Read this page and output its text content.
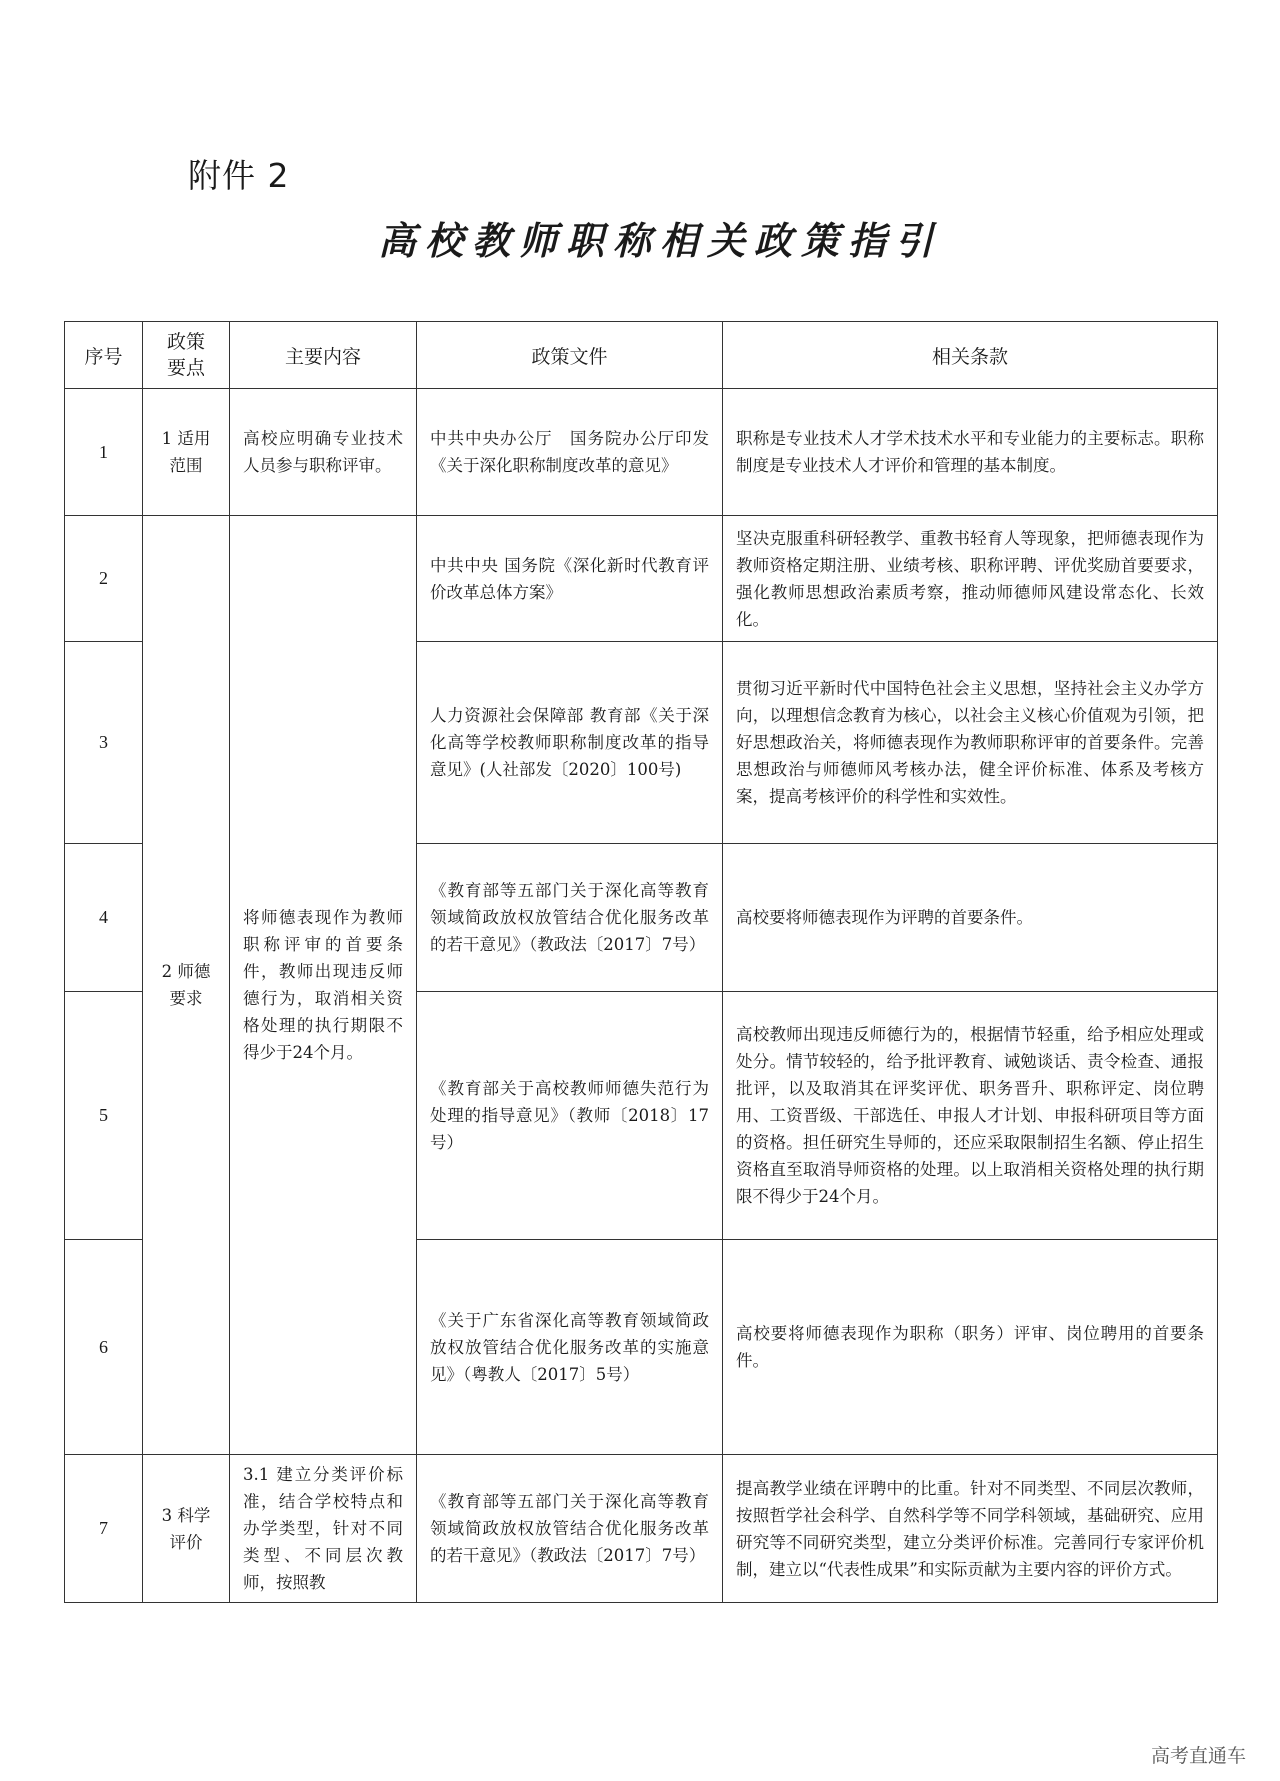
附件 2
高校教师职称相关政策指引
序号	政策要点	主要内容	政策文件	相关条款
1	1 适用范围	高校应明确专业技术人员参与职称评审。	中共中央办公厅　国务院办公厅印发《关于深化职称制度改革的意见》	职称是专业技术人才学术技术水平和专业能力的主要标志。职称制度是专业技术人才评价和管理的基本制度。
2	2 师德要求	将师德表现作为教师职称评审的首要条件，教师出现违反师德行为，取消相关资格处理的执行期限不得少于24个月。	中共中央 国务院《深化新时代教育评价改革总体方案》	坚决克服重科研轻教学、重教书轻育人等现象，把师德表现作为教师资格定期注册、业绩考核、职称评聘、评优奖励首要要求，强化教师思想政治素质考察，推动师德师风建设常态化、长效化。
3			人力资源社会保障部 教育部《关于深化高等学校教师职称制度改革的指导意见》(人社部发〔2020〕100号)	贯彻习近平新时代中国特色社会主义思想，坚持社会主义办学方向，以理想信念教育为核心，以社会主义核心价值观为引领，把好思想政治关，将师德表现作为教师职称评审的首要条件。完善思想政治与师德师风考核办法，健全评价标准、体系及考核方案，提高考核评价的科学性和实效性。
4			《教育部等五部门关于深化高等教育领域简政放权放管结合优化服务改革的若干意见》（教政法〔2017〕7号）	高校要将师德表现作为评聘的首要条件。
5			《教育部关于高校教师师德失范行为处理的指导意见》（教师〔2018〕17号）	高校教师出现违反师德行为的，根据情节轻重，给予相应处理或处分。情节较轻的，给予批评教育、诫勉谈话、责令检查、通报批评，以及取消其在评奖评优、职务晋升、职称评定、岗位聘用、工资晋级、干部选任、申报人才计划、申报科研项目等方面的资格。担任研究生导师的，还应采取限制招生名额、停止招生资格直至取消导师资格的处理。以上取消相关资格处理的执行期限不得少于24个月。
6			《关于广东省深化高等教育领域简政放权放管结合优化服务改革的实施意见》（粤教人〔2017〕5号）	高校要将师德表现作为职称（职务）评审、岗位聘用的首要条件。
7	3 科学评价	3.1 建立分类评价标准，结合学校特点和办学类型，针对不同类型、不同层次教师，按照教	《教育部等五部门关于深化高等教育领域简政放权放管结合优化服务改革的若干意见》（教政法〔2017〕7号）	提高教学业绩在评聘中的比重。针对不同类型、不同层次教师，按照哲学社会科学、自然科学等不同学科领域，基础研究、应用研究等不同研究类型，建立分类评价标准。完善同行专家评价机制，建立以“代表性成果”和实际贡献为主要内容的评价方式。
高考直通车
